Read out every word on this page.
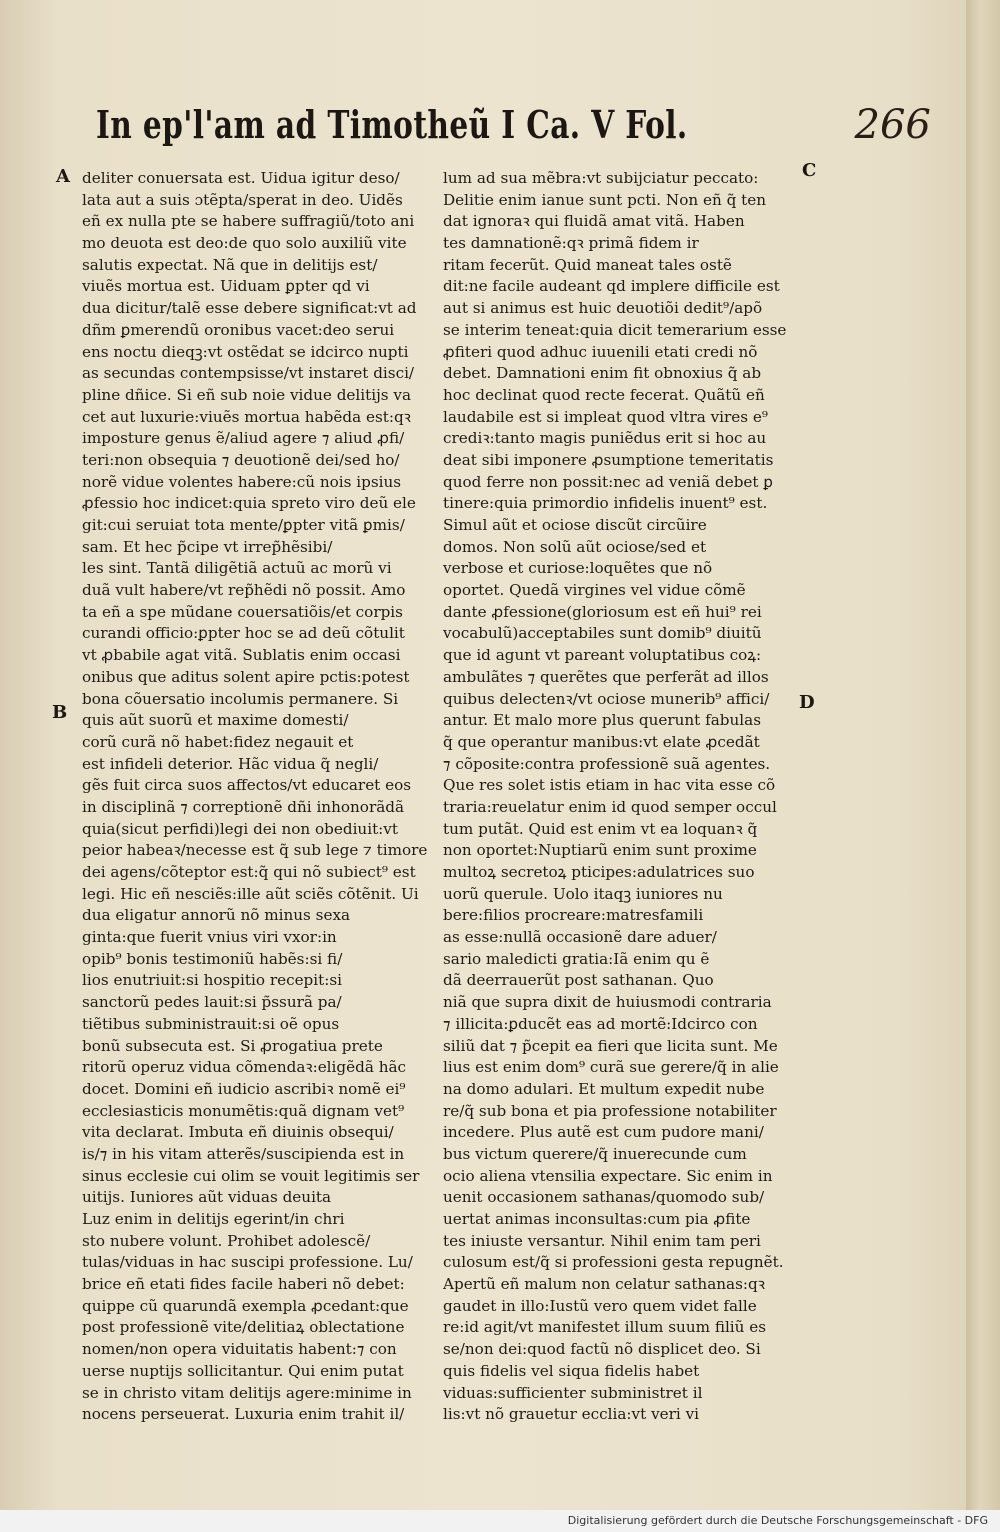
In ep'l'am ad Timotheũ I Ca. V Fol.	266
A
B
C
D
deliter conuersata est. Uidua igitur deso/
lata aut a suis ɔtẽpta/sperat in deo. Uidẽs
eñ ex nulla pte se habere suffragiũ/toto ani
mo deuota est deo:de quo solo auxiliũ vite
salutis expectat. Nã que in delitijs est/
viuẽs mortua est. Uiduam ꝑpter qd vi
dua dicitur/talẽ esse debere significat:vt ad
dñm ꝑmerendũ oronibus vacet:deo serui
ens noctu dieqꝫ:vt ostẽdat se idcirco nupti
as secundas contempsisse/vt instaret disci/
pline dñice. Si eñ sub noie vidue delitijs va
cet aut luxurie:viuẽs mortua habẽda est:qꝛ
imposture genus ẽ/aliud agere ⁊ aliud ꝓfi/
teri:non obsequia ⁊ deuotionẽ dei/sed ho/
norẽ vidue volentes habere:cũ nois ipsius
ꝓfessio hoc indicet:quia spreto viro deũ ele
git:cui seruiat tota mente/ꝑpter vitã ꝑmis/
sam. Et hec p̃cipe vt irrep̃hẽsibi/
les sint. Tantã diligẽtiã actuũ ac morũ vi
duã vult habere/vt rep̃hẽdi nõ possit. Amo
ta eñ a spe mũdane couersatiõis/et corpis
curandi officio:ꝑpter hoc se ad deũ cõtulit
vt ꝓbabile agat vitã. Sublatis enim occasi
onibus que aditus solent apire pctis:potest
bona cõuersatio incolumis permanere. Si
quis aũt suorũ et maxime domesti/
corũ curã nõ habet:fidez negauit et
est infideli deterior. Hãc vidua q̃ negli/
gẽs fuit circa suos affectos/vt educaret eos
in disciplinã ⁊ correptionẽ dñi inhonorãdã
quia(sicut perfidi)legi dei non obediuit:vt
peior habeaꝛ/necesse est q̃ sub lege ⁊ timore
dei agens/cõteptor est:q̃ qui nõ subiect⁹ est
legi. Hic eñ nesciẽs:ille aũt sciẽs cõtẽnit. Ui
dua eligatur annorũ nõ minus sexa
ginta:que fuerit vnius viri vxor:in
opib⁹ bonis testimoniũ habẽs:si fi/
lios enutriuit:si hospitio recepit:si
sanctorũ pedes lauit:si p̃ssurã pa/
tiẽtibus subministrauit:si oẽ opus
bonũ subsecuta est. Si ꝓrogatiua prete
ritorũ operuz vidua cõmendaꝛ:eligẽdã hãc
docet. Domini eñ iudicio ascribiꝛ nomẽ ei⁹
ecclesiasticis monumẽtis:quã dignam vet⁹
vita declarat. Imbuta eñ diuinis obsequi/
is/⁊ in his vitam atterẽs/suscipienda est in
sinus ecclesie cui olim se vouit legitimis ser
uitijs. Iuniores aũt viduas deuita
Luz enim in delitijs egerint/in chri
sto nubere volunt. Prohibet adolescẽ/
tulas/viduas in hac suscipi professione. Lu/
brice eñ etati fides facile haberi nõ debet:
quippe cũ quarundã exempla ꝓcedant:que
post professionẽ vite/delitiaꝝ oblectatione
nomen/non opera viduitatis habent:⁊ con
uerse nuptijs sollicitantur. Qui enim putat
se in christo vitam delitijs agere:minime in
nocens perseuerat. Luxuria enim trahit il/
lum ad sua mẽbra:vt subijciatur peccato:
Delitie enim ianue sunt pcti. Non eñ q̃ ten
dat ignoraꝛ qui fluidã amat vitã. Haben
tes damnationẽ:qꝛ primã fidem ir
ritam fecerũt. Quid maneat tales ostẽ
dit:ne facile audeant qd implere difficile est
aut si animus est huic deuotiõi dedit⁹/apõ
se interim teneat:quia dicit temerarium esse
ꝓfiteri quod adhuc iuuenili etati credi nõ
debet. Damnationi enim fit obnoxius q̃ ab
hoc declinat quod recte fecerat. Quãtũ eñ
laudabile est si impleat quod vltra vires e⁹
crediꝛ:tanto magis puniẽdus erit si hoc au
deat sibi imponere ꝓsumptione temeritatis
quod ferre non possit:nec ad veniã debet ꝑ
tinere:quia primordio infidelis inuent⁹ est.
Simul aũt et ociose discũt circũire
domos. Non solũ aũt ociose/sed et
verbose et curiose:loquẽtes que nõ
oportet. Quedã virgines vel vidue cõmẽ
dante ꝓfessione(gloriosum est eñ hui⁹ rei
vocabulũ)acceptabiles sunt domib⁹ diuitũ
que id agunt vt pareant voluptatibus coꝝ:
ambulãtes ⁊ querẽtes que perferãt ad illos
quibus delectenꝛ/vt ociose munerib⁹ affici/
antur. Et malo more plus querunt fabulas
q̃ que operantur manibus:vt elate ꝓcedãt
⁊ cõposite:contra professionẽ suã agentes.
Que res solet istis etiam in hac vita esse cõ
traria:reuelatur enim id quod semper occul
tum putãt. Quid est enim vt ea loquanꝛ q̃
non oportet:Nuptiarũ enim sunt proxime
multoꝝ secretoꝝ pticipes:adulatrices suo
uorũ querule. Uolo itaqꝫ iuniores nu
bere:filios procreare:matresfamili
as esse:nullã occasionẽ dare aduer/
sario maledicti gratia:Iã enim qu ẽ
dã deerrauerũt post sathanan. Quo
niã que supra dixit de huiusmodi contraria
⁊ illicita:ꝑducẽt eas ad mortẽ:Idcirco con
siliũ dat ⁊ p̃cepit ea fieri que licita sunt. Me
lius est enim dom⁹ curã sue gerere/q̃ in alie
na domo adulari. Et multum expedit nube
re/q̃ sub bona et pia professione notabiliter
incedere. Plus autẽ est cum pudore mani/
bus victum querere/q̃ inuerecunde cum
ocio aliena vtensilia expectare. Sic enim in
uenit occasionem sathanas/quomodo sub/
uertat animas inconsultas:cum pia ꝓfite
tes iniuste versantur. Nihil enim tam peri
culosum est/q̃ si professioni gesta repugnẽt.
Apertũ eñ malum non celatur sathanas:qꝛ
gaudet in illo:Iustũ vero quem videt falle
re:id agit/vt manifestet illum suum filiũ es
se/non dei:quod factũ nõ displicet deo. Si
quis fidelis vel siqua fidelis habet
viduas:sufficienter subministret il
lis:vt nõ grauetur ecclia:vt veri vi
Digitalisierung gefördert durch die Deutsche Forschungsgemeinschaft - DFG
